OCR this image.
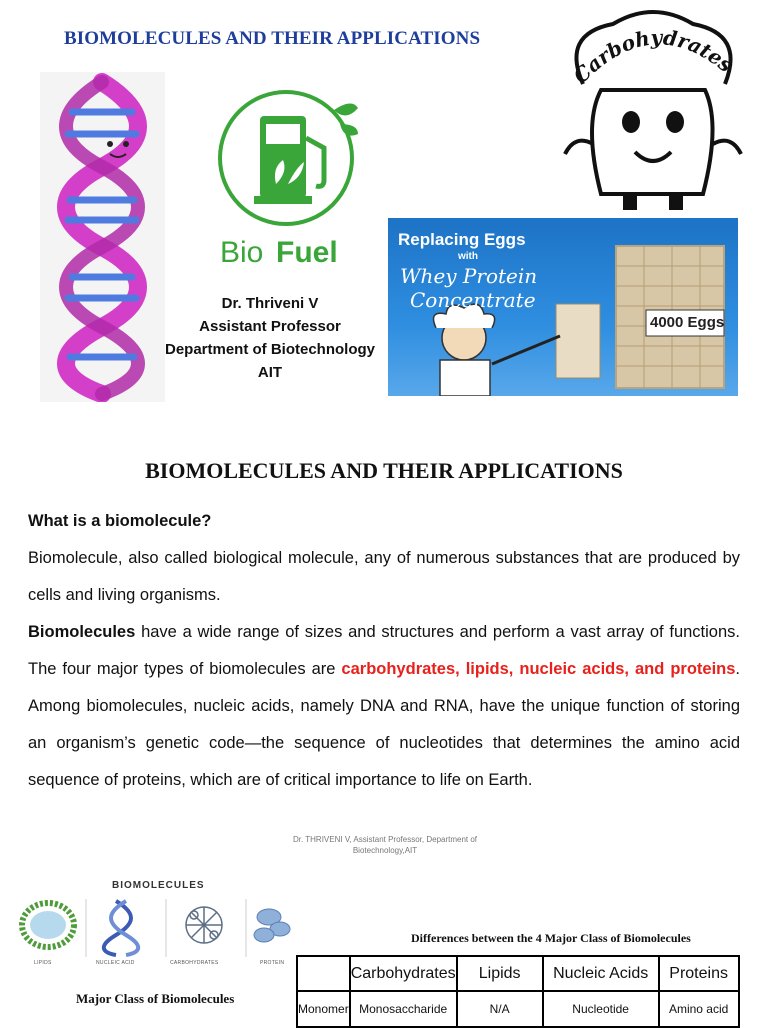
BIOMOLECULES AND THEIR APPLICATIONS
Bio Fuel
Carbohydrates
Replacing Eggs
with
Whey Protein
Concentrate
4000 Eggs
Dr. Thriveni V
Assistant Professor
Department of Biotechnology
AIT
BIOMOLECULES AND THEIR APPLICATIONS

What is a biomolecule?

Biomolecule, also called biological molecule, any of numerous substances that are produced by cells and living organisms.

Biomolecules have a wide range of sizes and structures and perform a vast array of functions. The four major types of biomolecules are carbohydrates, lipids, nucleic acids, and proteins. Among biomolecules, nucleic acids, namely DNA and RNA, have the unique function of storing an organism’s genetic code—the sequence of nucleotides that determines the amino acid sequence of proteins, which are of critical importance to life on Earth.

Dr. THRIVENI V, Assistant Professor, Department of
Biotechnology,AIT
BIOMOLECULES
LIPIDS	NUCLEIC ACID	CARBOHYDRATES	PROTEIN
Major Class of Biomolecules
Differences between the 4 Major Class of Biomolecules
	Carbohydrates	Lipids	Nucleic Acids	Proteins
Monomer	Monosaccharide	N/A	Nucleotide	Amino acid
